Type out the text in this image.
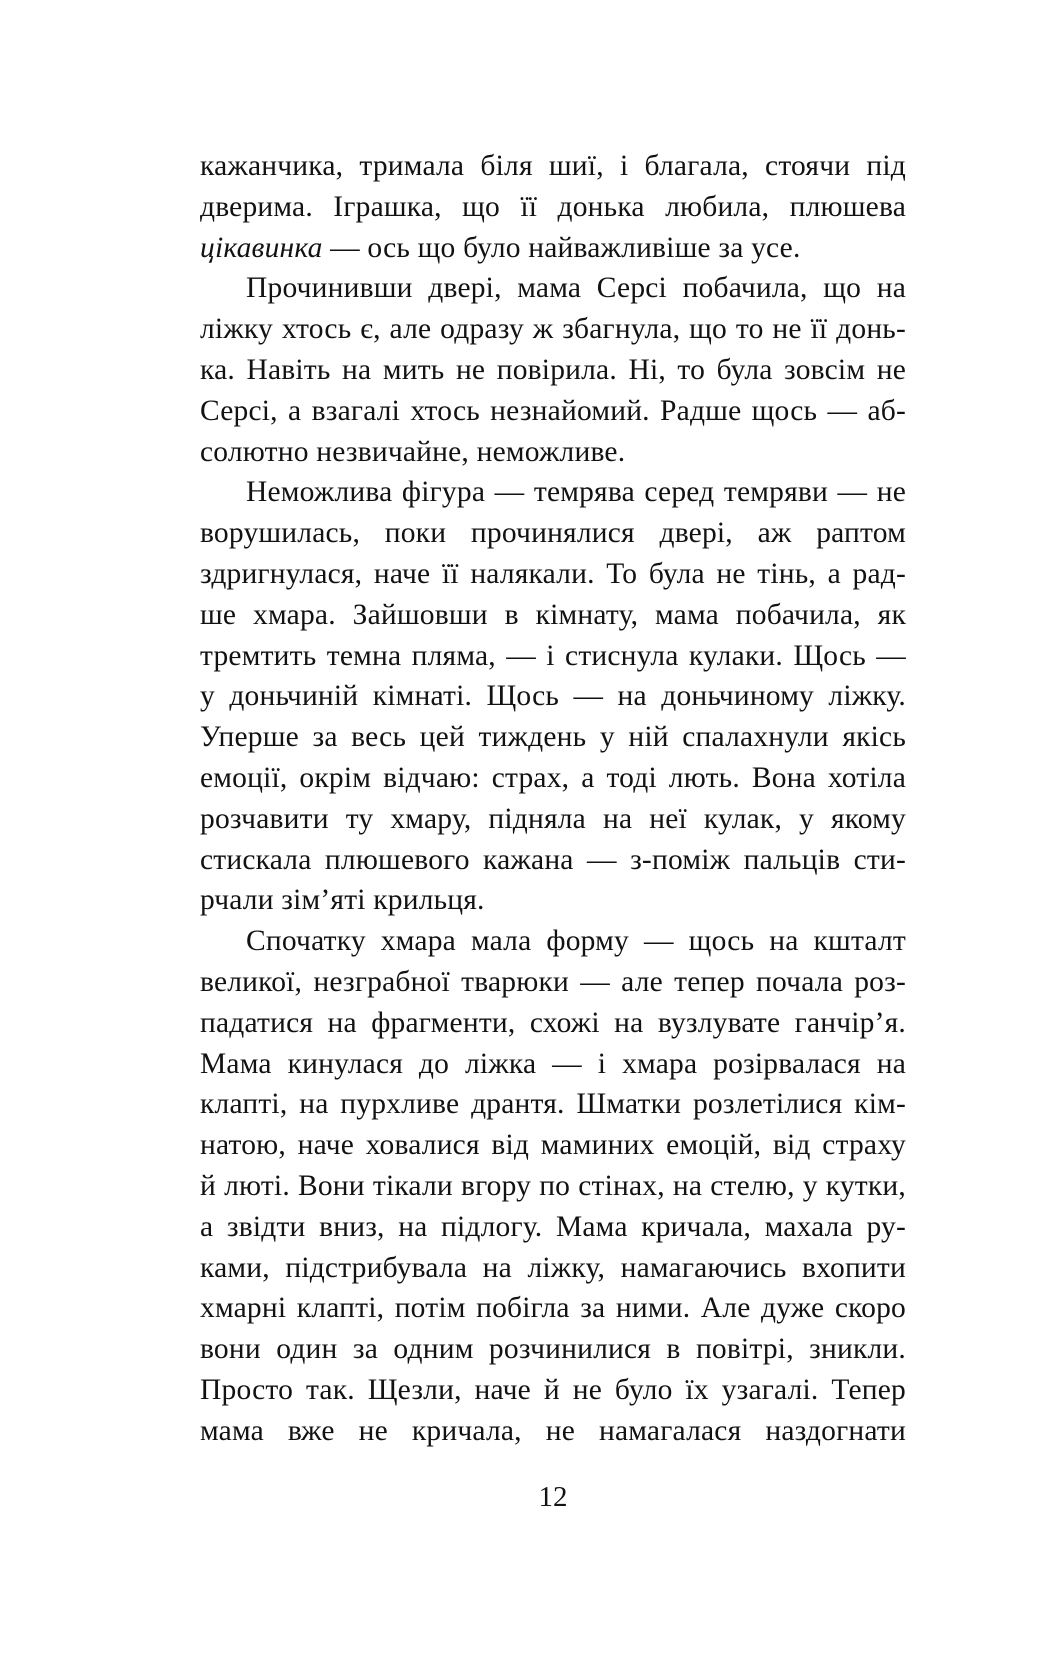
кажанчика, тримала біля шиї, і благала, стоячи під
дверима. Іграшка, що її донька любила, плюшева
цікавинка — ось що було найважливіше за усе.
Прочинивши двері, мама Серсі побачила, що на
ліжку хтось є, але одразу ж збагнула, що то не її донь-
ка. Навіть на мить не повірила. Ні, то була зовсім не
Серсі, а взагалі хтось незнайомий. Радше щось — аб-
солютно незвичайне, неможливе.
Неможлива фігура — темрява серед темряви — не
ворушилась, поки прочинялися двері, аж раптом
здригнулася, наче її налякали. То була не тінь, а рад-
ше хмара. Зайшовши в кімнату, мама побачила, як
тремтить темна пляма, — і стиснула кулаки. Щось —
у доньчиній кімнаті. Щось — на доньчиному ліжку.
Уперше за весь цей тиждень у ній спалахнули якісь
емоції, окрім відчаю: страх, а тоді лють. Вона хотіла
розчавити ту хмару, підняла на неї кулак, у якому
стискала плюшевого кажана — з-поміж пальців сти-
рчали зім’яті крильця.
Спочатку хмара мала форму — щось на кшталт
великої, незграбної тварюки — але тепер почала роз-
падатися на фрагменти, схожі на вузлувате ганчір’я.
Мама кинулася до ліжка — і хмара розірвалася на
клапті, на пурхливе дрантя. Шматки розлетілися кім-
натою, наче ховалися від маминих емоцій, від страху
й люті. Вони тікали вгору по стінах, на стелю, у кутки,
а звідти вниз, на підлогу. Мама кричала, махала ру-
ками, підстрибувала на ліжку, намагаючись вхопити
хмарні клапті, потім побігла за ними. Але дуже скоро
вони один за одним розчинилися в повітрі, зникли.
Просто так. Щезли, наче й не було їх узагалі. Тепер
мама вже не кричала, не намагалася наздогнати
12
